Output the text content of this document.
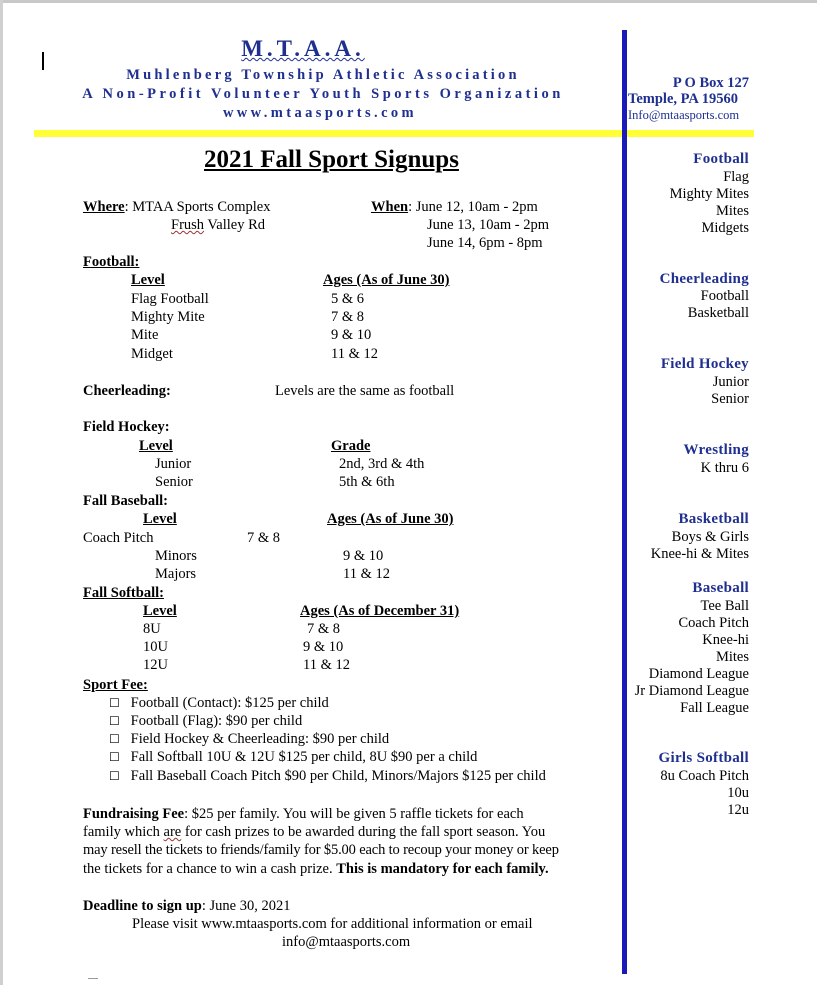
M.T.A.A.
Muhlenberg Township Athletic Association
A Non-Profit Volunteer Youth Sports Organization
www.mtaasports.com
P O Box 127
Temple, PA 19560
Info@mtaasports.com
2021 Fall Sport Signups
Where: MTAA Sports Complex
Frush Valley Rd
When: June 12, 10am - 2pm
June 13, 10am - 2pm
June 14, 6pm - 8pm
Football:
Level	Ages (As of June 30)
Flag Football	5 & 6
Mighty Mite	7 & 8
Mite	9 & 10
Midget	11 & 12
Cheerleading:	Levels are the same as football
Field Hockey:
Level	Grade
Junior	2nd, 3rd & 4th
Senior	5th & 6th
Fall Baseball:
Level	Ages (As of June 30)
Coach Pitch	7 & 8
Minors	9 & 10
Majors	11 & 12
Fall Softball:
Level	Ages (As of December 31)
8U	7 & 8
10U	9 & 10
12U	11 & 12
Sport Fee:
☐ Football (Contact): $125 per child
☐ Football (Flag): $90 per child
☐ Field Hockey & Cheerleading: $90 per child
☐ Fall Softball 10U & 12U $125 per child, 8U $90 per a child
☐ Fall Baseball Coach Pitch $90 per Child, Minors/Majors $125 per child
Fundraising Fee: $25 per family. You will be given 5 raffle tickets for each
family which are for cash prizes to be awarded during the fall sport season. You
may resell the tickets to friends/family for $5.00 each to recoup your money or keep
the tickets for a chance to win a cash prize. This is mandatory for each family.
Deadline to sign up: June 30, 2021
Please visit www.mtaasports.com for additional information or email
info@mtaasports.com
Football
Flag
Mighty Mites
Mites
Midgets
Cheerleading
Football
Basketball
Field Hockey
Junior
Senior
Wrestling
K thru 6
Basketball
Boys & Girls
Knee-hi & Mites
Baseball
Tee Ball
Coach Pitch
Knee-hi
Mites
Diamond League
Jr Diamond League
Fall League
Girls Softball
8u Coach Pitch
10u
12u
